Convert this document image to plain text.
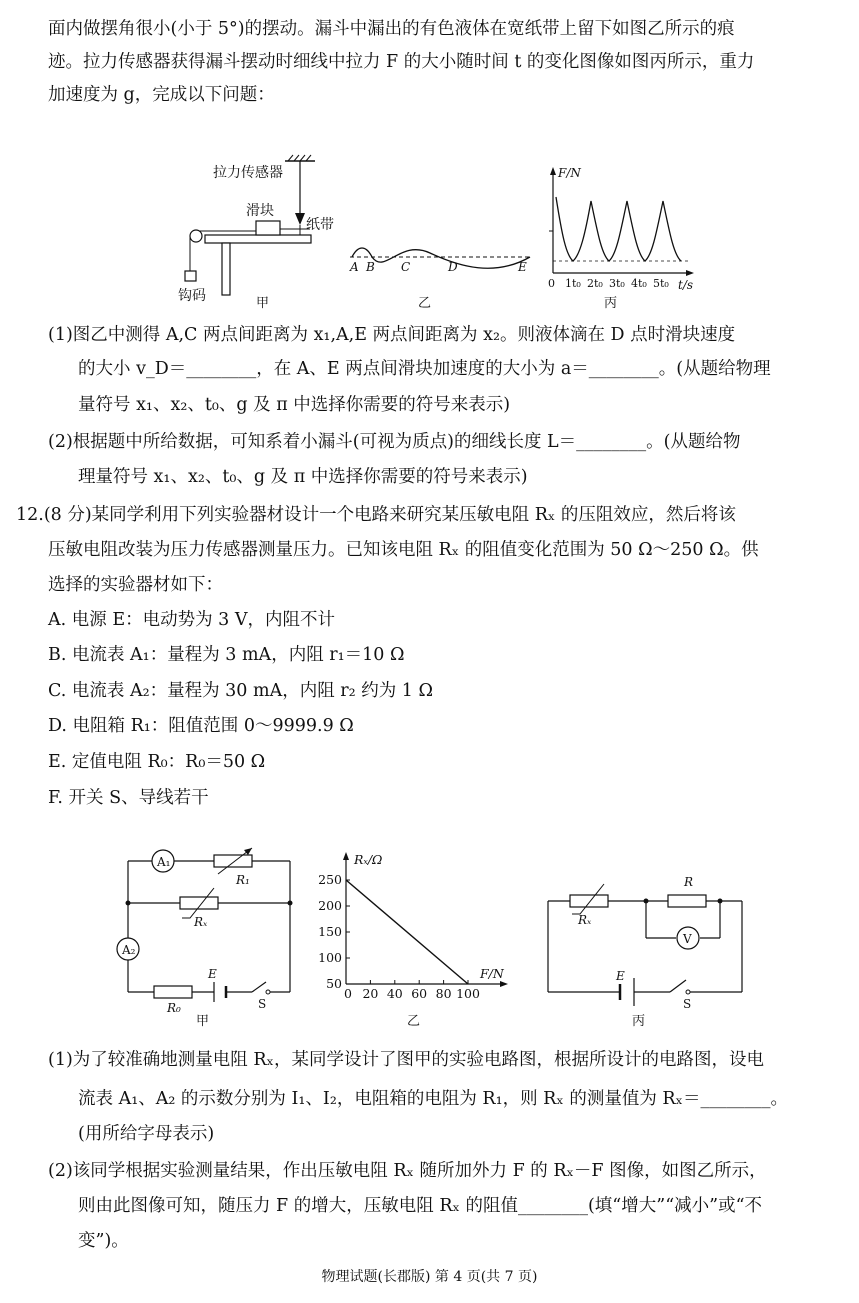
面内做摆角很小(小于 5°)的摆动。漏斗中漏出的有色液体在宽纸带上留下如图乙所示的痕
迹。拉力传感器获得漏斗摆动时细线中拉力 F 的大小随时间 t 的变化图像如图丙所示，重力
加速度为 g，完成以下问题：
拉力传感器
滑块
纸带
钩码	甲
A B C	D	E
乙
F/N
t/s
0 1t₀ 2t₀ 3t₀ 4t₀ 5t₀
丙
(1)图乙中测得 A,C 两点间距离为 x₁,A,E 两点间距离为 x₂。则液体滴在 D 点时滑块速度
的大小 v_D＝________，在 A、E 两点间滑块加速度的大小为 a＝________。(从题给物理
量符号 x₁、x₂、t₀、g 及 π 中选择你需要的符号来表示)
(2)根据题中所给数据，可知系着小漏斗(可视为质点)的细线长度 L＝________。(从题给物
理量符号 x₁、x₂、t₀、g 及 π 中选择你需要的符号来表示)
12.(8 分)某同学利用下列实验器材设计一个电路来研究某压敏电阻 Rₓ 的压阻效应，然后将该
压敏电阻改装为压力传感器测量压力。已知该电阻 Rₓ 的阻值变化范围为 50 Ω～250 Ω。供
选择的实验器材如下：
A. 电源 E：电动势为 3 V，内阻不计
B. 电流表 A₁：量程为 3 mA，内阻 r₁＝10 Ω
C. 电流表 A₂：量程为 30 mA，内阻 r₂ 约为 1 Ω
D. 电阻箱 R₁：阻值范围 0～9999.9 Ω
E. 定值电阻 R₀：R₀＝50 Ω
F. 开关 S、导线若干
A₁
R₁
Rₓ
A₂
R₀
E
S
甲
50
100
150
200
250
20 40 60 80 100
0
Rₓ/Ω
F/N
乙
Rₓ
R
V
E
S
丙
(1)为了较准确地测量电阻 Rₓ，某同学设计了图甲的实验电路图，根据所设计的电路图，设电
流表 A₁、A₂ 的示数分别为 I₁、I₂，电阻箱的电阻为 R₁，则 Rₓ 的测量值为 Rₓ＝________。
(用所给字母表示)
(2)该同学根据实验测量结果，作出压敏电阻 Rₓ 随所加外力 F 的 Rₓ－F 图像，如图乙所示，
则由此图像可知，随压力 F 的增大，压敏电阻 Rₓ 的阻值________(填“增大”“减小”或“不
变”)。
物理试题(长郡版) 第 4 页(共 7 页)
